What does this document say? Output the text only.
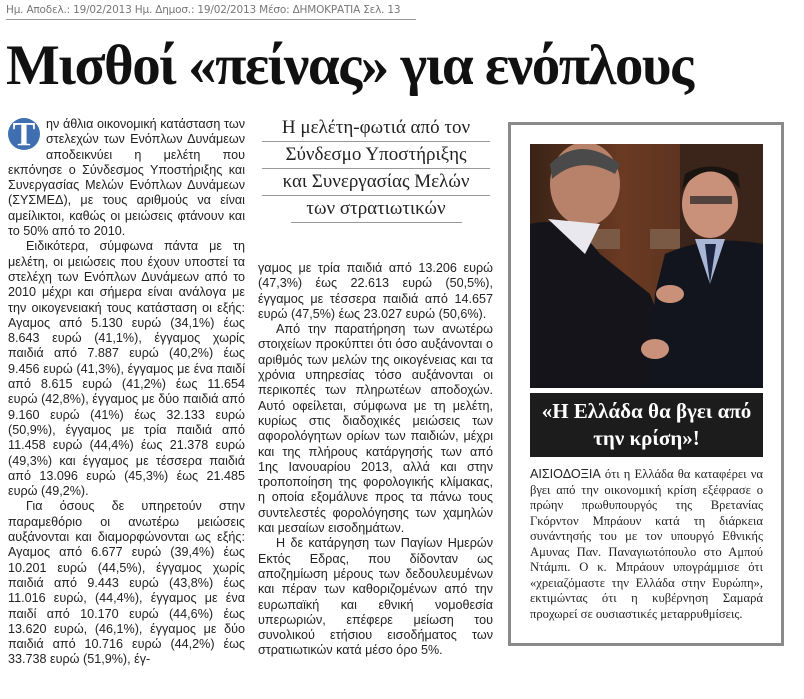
Ημ. Αποδελ.: 19/02/2013 Ημ. Δημοσ.: 19/02/2013 Μέσο: ΔΗΜΟΚΡΑΤΙΑ Σελ. 13
Μισθοί «πείνας» για ενόπλους
Τ ην άθλια οικονομική κατάσταση των στελεχών των Ενόπλων Δυνάμεων αποδεικνύει η μελέτη που εκπόνησε ο Σύνδεσμος Υποστήριξης και Συνεργασίας Μελών Ενόπλων Δυνάμεων (ΣΥΣΜΕΔ), με τους αριθμούς να είναι αμείλικτοι, καθώς οι μειώσεις φτάνουν και το 50% από το 2010.

Ειδικότερα, σύμφωνα πάντα με τη μελέτη, οι μειώσεις που έχουν υποστεί τα στελέχη των Ενόπλων Δυνάμεων από το 2010 μέχρι και σήμερα είναι ανάλογα με την οικογενειακή τους κατάσταση οι εξής: Αγαμος από 5.130 ευρώ (34,1%) έως 8.643 ευρώ (41,1%), έγγαμος χωρίς παιδιά από 7.887 ευρώ (40,2%) έως 9.456 ευρώ (41,3%), έγγαμος με ένα παιδί από 8.615 ευρώ (41,2%) έως 11.654 ευρώ (42,8%), έγγαμος με δύο παιδιά από 9.160 ευρώ (41%) έως 32.133 ευρώ (50,9%), έγγαμος με τρία παιδιά από 11.458 ευρώ (44,4%) έως 21.378 ευρώ (49,3%) και έγγαμος με τέσσερα παιδιά από 13.096 ευρώ (45,3%) έως 21.485 ευρώ (49,2%).

Για όσους δε υπηρετούν στην παραμεθόριο οι ανωτέρω μειώσεις αυξάνονται και διαμορφώνονται ως εξής: Αγαμος από 6.677 ευρώ (39,4%) έως 10.201 ευρώ (44,5%), έγγαμος χωρίς παιδιά από 9.443 ευρώ (43,8%) έως 11.016 ευρώ, (44,4%), έγγαμος με ένα παιδί από 10.170 ευρώ (44,6%) έως 13.620 ευρώ, (46,1%), έγγαμος με δύο παιδιά από 10.716 ευρώ (44,2%) έως 33.738 ευρώ (51,9%), έγ-

Η μελέτη-φωτιά από τον
Σύνδεσμο Υποστήριξης
και Συνεργασίας Μελών
των στρατιωτικών

γαμος με τρία παιδιά από 13.206 ευρώ (47,3%) έως 22.613 ευρώ (50,5%), έγγαμος με τέσσερα παιδιά από 14.657 ευρώ (47,5%) έως 23.027 ευρώ (50,6%).

Από την παρατήρηση των ανωτέρω στοιχείων προκύπτει ότι όσο αυξάνονται ο αριθμός των μελών της οικογένειας και τα χρόνια υπηρεσίας τόσο αυξάνονται οι περικοπές των πληρωτέων αποδοχών. Αυτό οφείλεται, σύμφωνα με τη μελέτη, κυρίως στις διαδοχικές μειώσεις των αφορολόγητων ορίων των παιδιών, μέχρι και της πλήρους κατάργησής των από 1ης Ιανουαρίου 2013, αλλά και στην τροποποίηση της φορολογικής κλίμακας, η οποία εξομάλυνε προς τα πάνω τους συντελεστές φορολόγησης των χαμηλών και μεσαίων εισοδημάτων.

Η δε κατάργηση των Παγίων Ημερών Εκτός Εδρας, που δίδονταν ως αποζημίωση μέρους των δεδουλευμένων και πέραν των καθοριζομένων από την ευρωπαϊκή και εθνική νομοθεσία υπερωριών, επέφερε μείωση του συνολικού ετήσιου εισοδήματος των στρατιωτικών κατά μέσο όρο 5%.

«Η Ελλάδα θα βγει από την κρίση»!
ΑΙΣΙΟΔΟΞΙΑ ότι η Ελλάδα θα καταφέρει να βγει από την οικονομική κρίση εξέφρασε ο πρώην πρωθυπουργός της Βρετανίας Γκόρντον Μπράουν κατά τη διάρκεια συνάντησής του με τον υπουργό Εθνικής Αμυνας Παν. Παναγιωτόπουλο στο Αμπού Ντάμπι. Ο κ. Μπράουν υπογράμμισε ότι «χρειαζόμαστε την Ελλάδα στην Ευρώπη», εκτιμώντας ότι η κυβέρνηση Σαμαρά προχωρεί σε ουσιαστικές μεταρρυθμίσεις.
